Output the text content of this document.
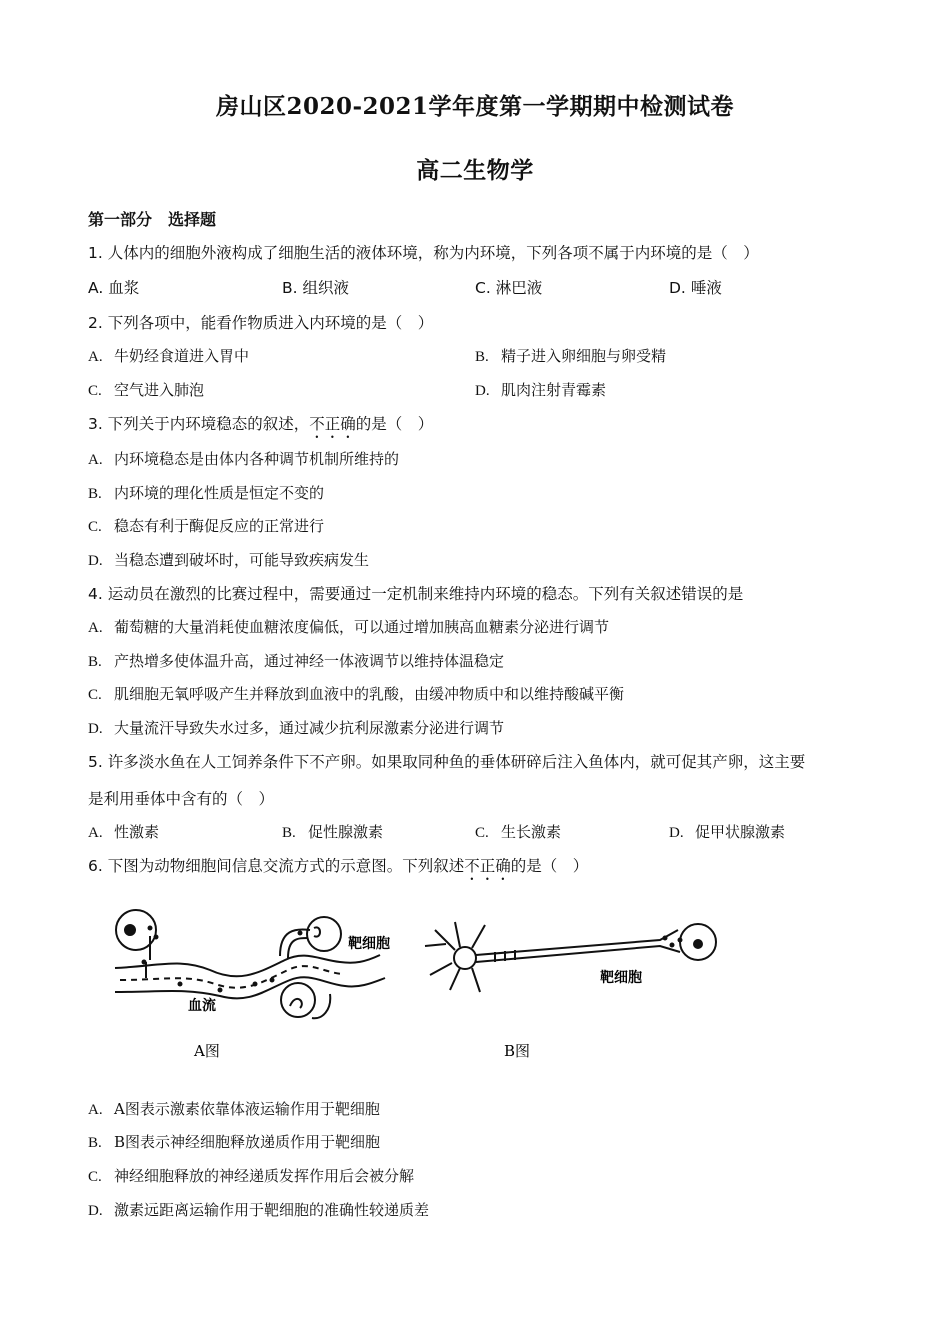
房山区2020-2021学年度第一学期期中检测试卷
高二生物学
第一部分　选择题
1. 人体内的细胞外液构成了细胞生活的液体环境，称为内环境，下列各项不属于内环境的是（　）
A. 血浆	B. 组织液	C. 淋巴液	D. 唾液
2. 下列各项中，能看作物质进入内环境的是（　）
A. 牛奶经食道进入胃中	B. 精子进入卵细胞与卵受精
C. 空气进入肺泡	D. 肌肉注射青霉素
3. 下列关于内环境稳态的叙述，不正确的是（　）
A. 内环境稳态是由体内各种调节机制所维持的
B. 内环境的理化性质是恒定不变的
C. 稳态有利于酶促反应的正常进行
D. 当稳态遭到破坏时，可能导致疾病发生
4. 运动员在激烈的比赛过程中，需要通过一定机制来维持内环境的稳态。下列有关叙述错误的是
A. 葡萄糖的大量消耗使血糖浓度偏低，可以通过增加胰高血糖素分泌进行调节
B. 产热增多使体温升高，通过神经一体液调节以维持体温稳定
C. 肌细胞无氧呼吸产生并释放到血液中的乳酸，由缓冲物质中和以维持酸碱平衡
D. 大量流汗导致失水过多，通过减少抗利尿激素分泌进行调节
5. 许多淡水鱼在人工饲养条件下不产卵。如果取同种鱼的垂体研碎后注入鱼体内，就可促其产卵，这主要
是利用垂体中含有的（　）
A. 性激素	B. 促性腺激素	C. 生长激素	D. 促甲状腺激素
6. 下图为动物细胞间信息交流方式的示意图。下列叙述不正确的是（　）
靶细胞
血流
靶细胞
A图	B图
A. A图表示激素依靠体液运输作用于靶细胞
B. B图表示神经细胞释放递质作用于靶细胞
C. 神经细胞释放的神经递质发挥作用后会被分解
D. 激素远距离运输作用于靶细胞的准确性较递质差
